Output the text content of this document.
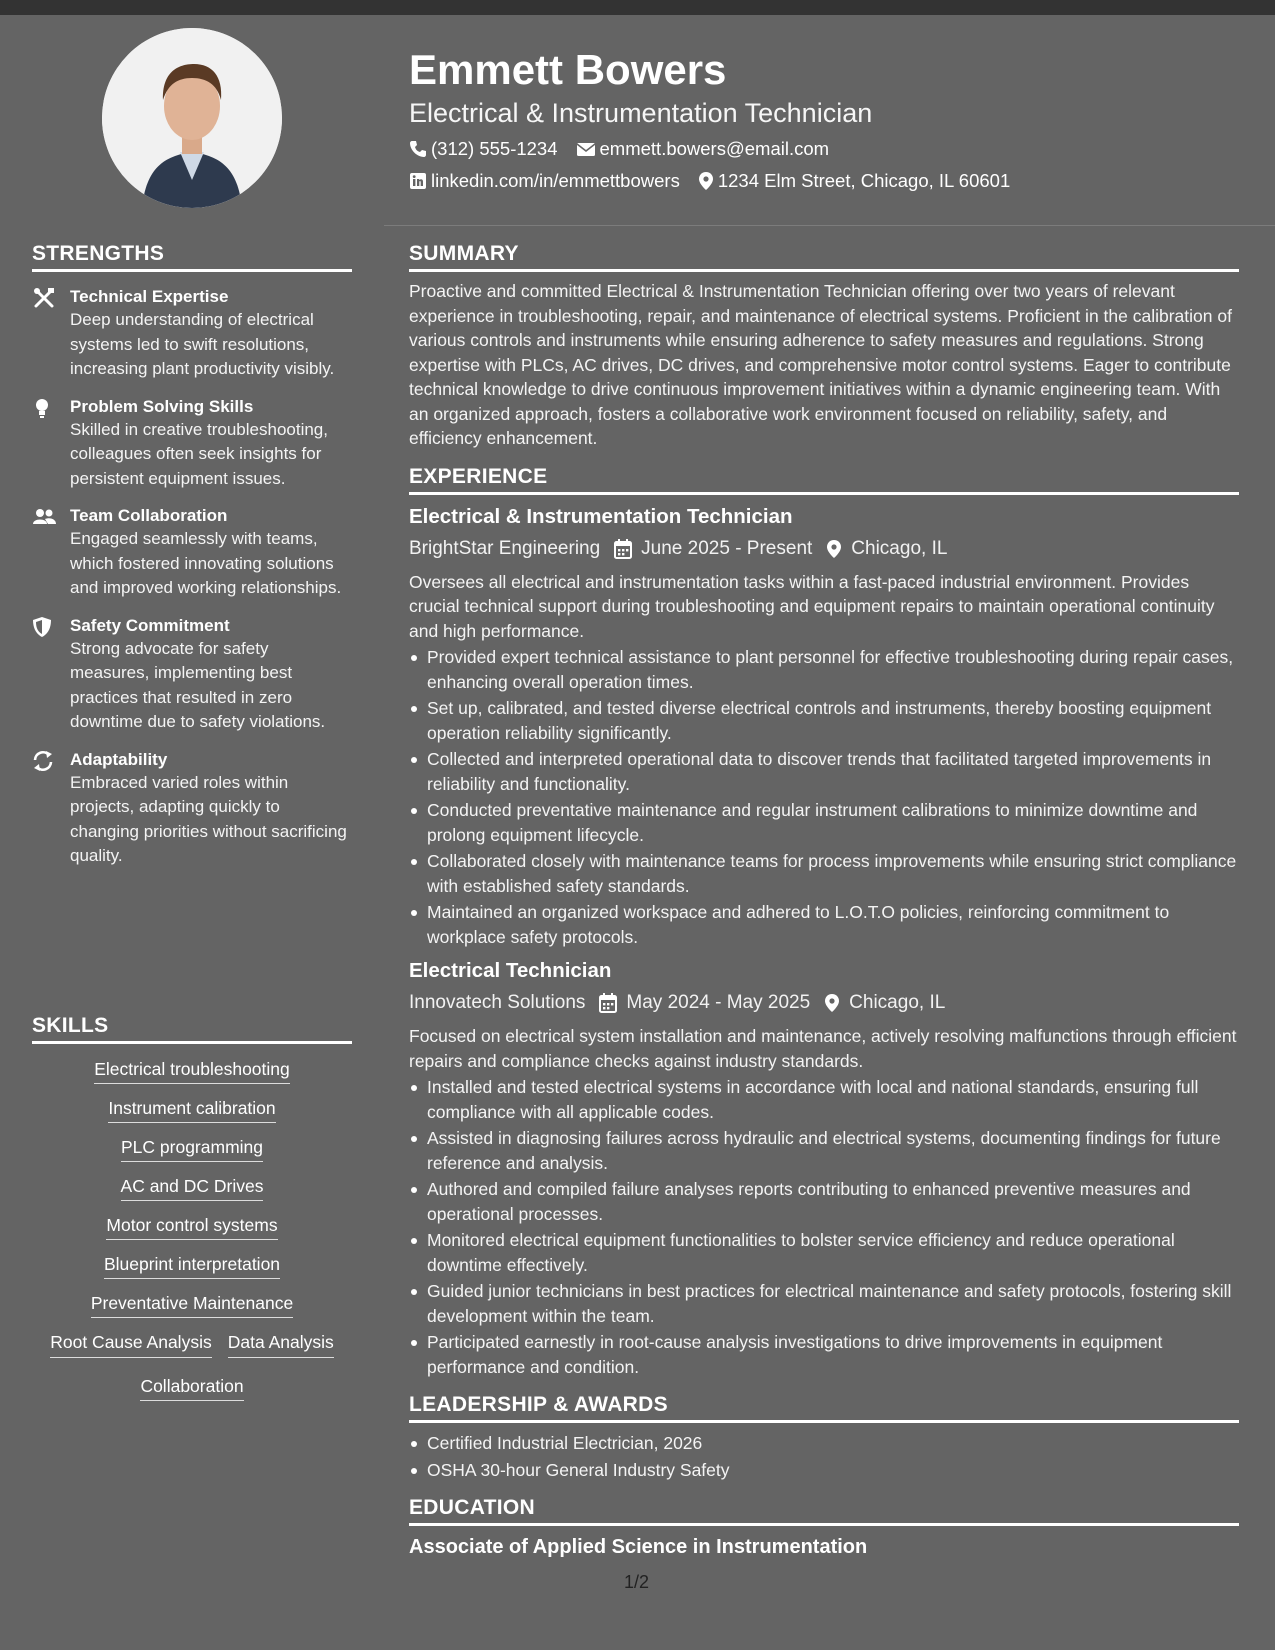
STRENGTHS
Technical Expertise
Deep understanding of electrical systems led to swift resolutions, increasing plant productivity visibly.
Problem Solving Skills
Skilled in creative troubleshooting, colleagues often seek insights for persistent equipment issues.
Team Collaboration
Engaged seamlessly with teams, which fostered innovating solutions and improved working relationships.
Safety Commitment
Strong advocate for safety measures, implementing best practices that resulted in zero downtime due to safety violations.
Adaptability
Embraced varied roles within projects, adapting quickly to changing priorities without sacrificing quality.
SKILLS
Electrical troubleshooting
Instrument calibration
PLC programming
AC and DC Drives
Motor control systems
Blueprint interpretation
Preventative Maintenance
Root Cause Analysis Data Analysis
Collaboration
Emmett Bowers
Electrical & Instrumentation Technician
(312) 555-1234 emmett.bowers@email.com
linkedin.com/in/emmettbowers 1234 Elm Street, Chicago, IL 60601
SUMMARY
Proactive and committed Electrical & Instrumentation Technician offering over two years of relevant experience in troubleshooting, repair, and maintenance of electrical systems. Proficient in the calibration of various controls and instruments while ensuring adherence to safety measures and regulations. Strong expertise with PLCs, AC drives, DC drives, and comprehensive motor control systems. Eager to contribute technical knowledge to drive continuous improvement initiatives within a dynamic engineering team. With an organized approach, fosters a collaborative work environment focused on reliability, safety, and efficiency enhancement.
EXPERIENCE
Electrical & Instrumentation Technician
BrightStar Engineering June 2025 - Present Chicago, IL
Oversees all electrical and instrumentation tasks within a fast-paced industrial environment. Provides crucial technical support during troubleshooting and equipment repairs to maintain operational continuity and high performance.
Provided expert technical assistance to plant personnel for effective troubleshooting during repair cases, enhancing overall operation times.
Set up, calibrated, and tested diverse electrical controls and instruments, thereby boosting equipment operation reliability significantly.
Collected and interpreted operational data to discover trends that facilitated targeted improvements in reliability and functionality.
Conducted preventative maintenance and regular instrument calibrations to minimize downtime and prolong equipment lifecycle.
Collaborated closely with maintenance teams for process improvements while ensuring strict compliance with established safety standards.
Maintained an organized workspace and adhered to L.O.T.O policies, reinforcing commitment to workplace safety protocols.
Electrical Technician
Innovatech Solutions May 2024 - May 2025 Chicago, IL
Focused on electrical system installation and maintenance, actively resolving malfunctions through efficient repairs and compliance checks against industry standards.
Installed and tested electrical systems in accordance with local and national standards, ensuring full compliance with all applicable codes.
Assisted in diagnosing failures across hydraulic and electrical systems, documenting findings for future reference and analysis.
Authored and compiled failure analyses reports contributing to enhanced preventive measures and operational processes.
Monitored electrical equipment functionalities to bolster service efficiency and reduce operational downtime effectively.
Guided junior technicians in best practices for electrical maintenance and safety protocols, fostering skill development within the team.
Participated earnestly in root-cause analysis investigations to drive improvements in equipment performance and condition.
LEADERSHIP & AWARDS
Certified Industrial Electrician, 2026
OSHA 30-hour General Industry Safety
EDUCATION
Associate of Applied Science in Instrumentation
1/2
